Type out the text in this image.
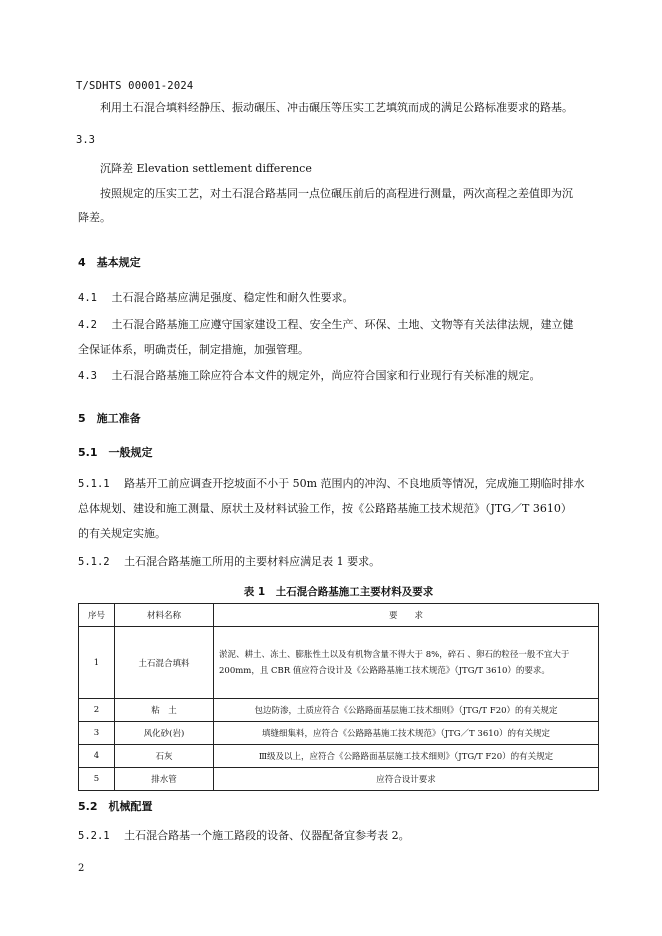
T/SDHTS 00001-2024
利用土石混合填料经静压、振动碾压、冲击碾压等压实工艺填筑而成的满足公路标准要求的路基。
3.3
沉降差 Elevation settlement difference
按照规定的压实工艺，对土石混合路基同一点位碾压前后的高程进行测量，两次高程之差值即为沉
降差。
4　基本规定
4.1　 土石混合路基应满足强度、稳定性和耐久性要求。
4.2　 土石混合路基施工应遵守国家建设工程、安全生产、环保、土地、文物等有关法律法规，建立健
全保证体系，明确责任，制定措施，加强管理。
4.3　 土石混合路基施工除应符合本文件的规定外，尚应符合国家和行业现行有关标准的规定。
5　施工准备
5.1　一般规定
5.1.1　 路基开工前应调查开挖坡面不小于 50m 范围内的冲沟、不良地质等情况，完成施工期临时排水
总体规划、建设和施工测量、原状土及材料试验工作，按《公路路基施工技术规范》（JTG／T 3610）
的有关规定实施。
5.1.2　 土石混合路基施工所用的主要材料应满足表 1 要求。
表 1　土石混合路基施工主要材料及要求
序号	材料名称	要　　求
1	土石混合填料	淤泥、耕土、冻土、膨胀性土以及有机物含量不得大于 8%，碎石 、卵石的粒径一般不宜大于 200mm，且 CBR 值应符合设计及《公路路基施工技术规范》（JTG/T 3610）的要求。
2	粘　土	包边防渗，土质应符合《公路路面基层施工技术细则》（JTG/T F20）的有关规定
3	风化砂(岩)	填缝细集料，应符合《公路路基施工技术规范》（JTG／T 3610）的有关规定
4	石灰	Ⅲ级及以上，应符合《公路路面基层施工技术细则》（JTG/T F20）的有关规定
5	排水管	应符合设计要求
5.2　机械配置
5.2.1　 土石混合路基一个施工路段的设备、仪器配备宜参考表 2。
2
